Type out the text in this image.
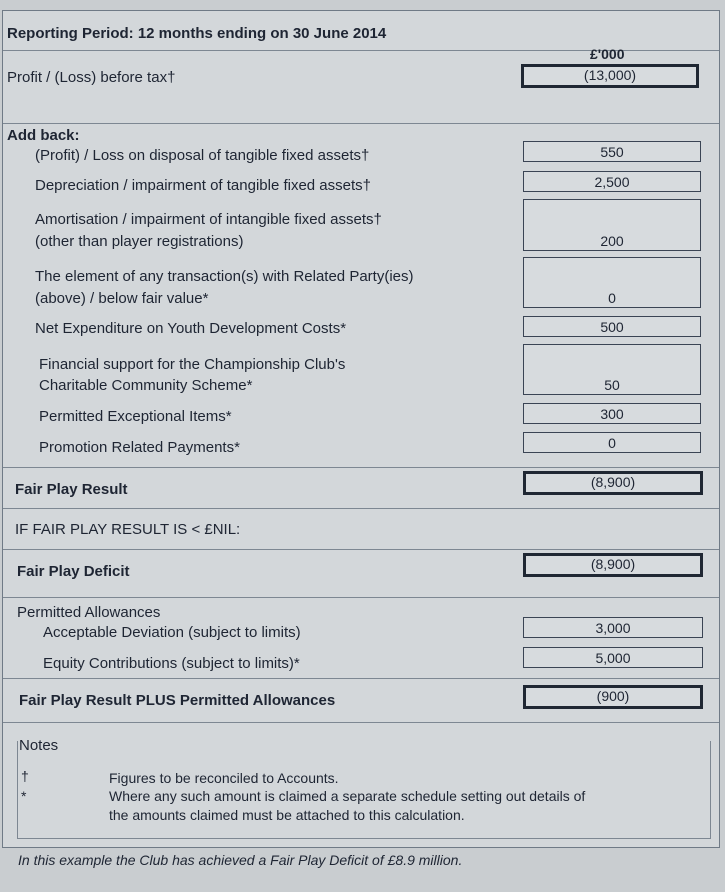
Reporting Period: 12 months ending on 30 June 2014
£'000
Profit / (Loss) before tax†	(13,000)
Add back:
(Profit) / Loss on disposal of tangible fixed assets†	550
Depreciation / impairment of tangible fixed assets†	2,500
Amortisation / impairment of intangible fixed assets†
(other than player registrations)	200
The element of any transaction(s) with Related Party(ies)
(above) / below fair value*	0
Net Expenditure on Youth Development Costs*	500
Financial support for the Championship Club's
Charitable Community Scheme*	50
Permitted Exceptional Items*	300
Promotion Related Payments*	0
Fair Play Result	(8,900)
IF FAIR PLAY RESULT IS < £NIL:
Fair Play Deficit	(8,900)
Permitted Allowances
Acceptable Deviation (subject to limits)	3,000
Equity Contributions (subject to limits)*	5,000
Fair Play Result PLUS Permitted Allowances	(900)
Notes
†	Figures to be reconciled to Accounts.
*	Where any such amount is claimed a separate schedule setting out details of
the amounts claimed must be attached to this calculation.
In this example the Club has achieved a Fair Play Deficit of £8.9 million.
